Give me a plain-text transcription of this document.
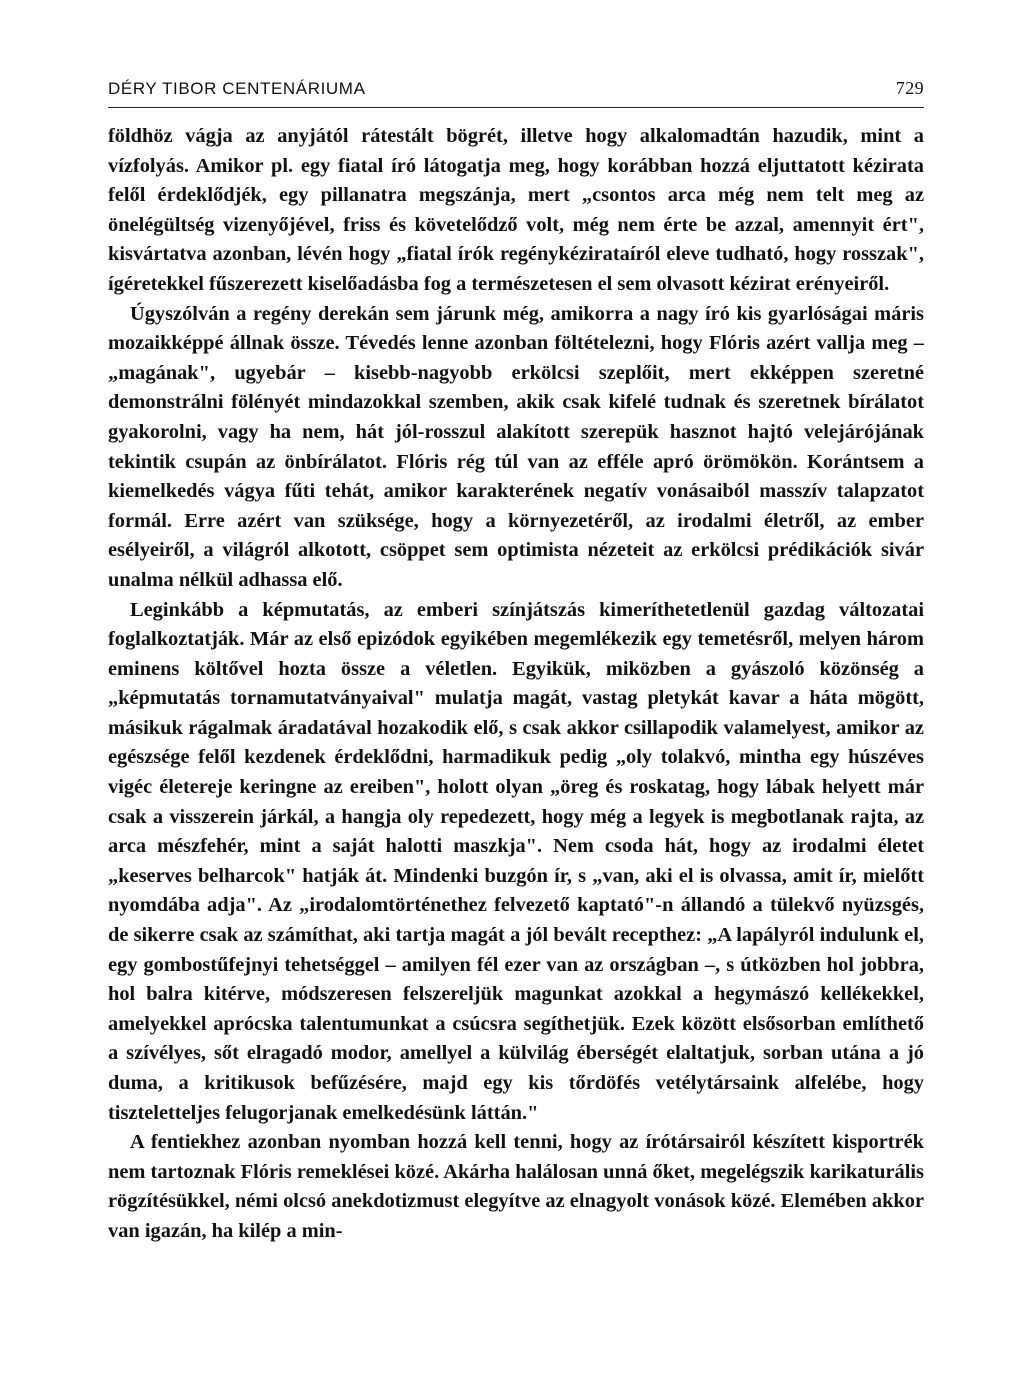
DÉRY TIBOR CENTENÁRIUMA	729

földhöz vágja az anyjától rátestált bögrét, illetve hogy alkalomadtán hazudik, mint a vízfolyás. Amikor pl. egy fiatal író látogatja meg, hogy korábban hozzá eljuttatott kézirata felől érdeklődjék, egy pillanatra megszánja, mert „csontos arca még nem telt meg az önelégültség vizenyőjével, friss és követelődző volt, még nem érte be azzal, amennyit ért", kisvártatva azonban, lévén hogy „fiatal írók regénykézirataíról eleve tudható, hogy rosszak", ígéretekkel fűszerezett kiselőadásba fog a természetesen el sem olvasott kézirat erényeiről.

Úgyszólván a regény derekán sem járunk még, amikorra a nagy író kis gyarlóságai máris mozaikképpé állnak össze. Tévedés lenne azonban föltételezni, hogy Flóris azért vallja meg – „magának", ugyebár – kisebb-nagyobb erkölcsi szeplőit, mert ekképpen szeretné demonstrálni fölényét mindazokkal szemben, akik csak kifelé tudnak és szeretnek bírálatot gyakorolni, vagy ha nem, hát jól-rosszul alakított szerepük hasznot hajtó velejárójának tekintik csupán az önbírálatot. Flóris rég túl van az efféle apró örömökön. Korántsem a kiemelkedés vágya fűti tehát, amikor karakterének negatív vonásaiból masszív talapzatot formál. Erre azért van szüksége, hogy a környezetéről, az irodalmi életről, az ember esélyeiről, a világról alkotott, csöppet sem optimista nézeteit az erkölcsi prédikációk sivár unalma nélkül adhassa elő.

Leginkább a képmutatás, az emberi színjátszás kimeríthetetlenül gazdag változatai foglalkoztatják. Már az első epizódok egyikében megemlékezik egy temetésről, melyen három eminens költővel hozta össze a véletlen. Egyikük, miközben a gyászoló közönség a „képmutatás tornamutatványaival" mulatja magát, vastag pletykát kavar a háta mögött, másikuk rágalmak áradatával hozakodik elő, s csak akkor csillapodik valamelyest, amikor az egészsége felől kezdenek érdeklődni, harmadikuk pedig „oly tolakvó, mintha egy húszéves vigéc életereje keringne az ereiben", holott olyan „öreg és roskatag, hogy lábak helyett már csak a visszerein járkál, a hangja oly repedezett, hogy még a legyek is megbotlanak rajta, az arca mészfehér, mint a saját halotti maszkja". Nem csoda hát, hogy az irodalmi életet „keserves belharcok" hatják át. Mindenki buzgón ír, s „van, aki el is olvassa, amit ír, mielőtt nyomdába adja". Az „irodalomtörténethez felvezető kaptató"-n állandó a tülekvő nyüzsgés, de sikerre csak az számíthat, aki tartja magát a jól bevált recepthez: „A lapályról indulunk el, egy gombostűfejnyi tehetséggel – amilyen fél ezer van az országban –, s útközben hol jobbra, hol balra kitérve, módszeresen felszereljük magunkat azokkal a hegymászó kellékekkel, amelyekkel aprócska talentumunkat a csúcsra segíthetjük. Ezek között elsősorban említhető a szívélyes, sőt elragadó modor, amellyel a külvilág éberségét elaltatjuk, sorban utána a jó duma, a kritikusok befűzésére, majd egy kis tőrdöfés vetélytársaink alfelébe, hogy tiszteletteljes felugorjanak emelkedésünk láttán."

A fentiekhez azonban nyomban hozzá kell tenni, hogy az írótársairól készített kisportrék nem tartoznak Flóris remeklései közé. Akárha halálosan unná őket, megelégszik karikaturális rögzítésükkel, némi olcsó anekdotizmust elegyítve az elnagyolt vonások közé. Elemében akkor van igazán, ha kilép a min-
